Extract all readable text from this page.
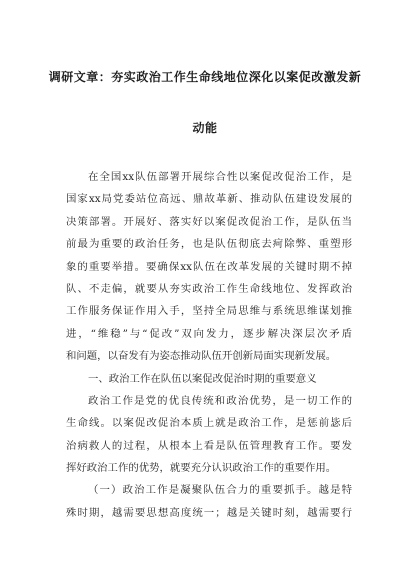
调研文章：夯实政治工作生命线地位深化以案促改激发新
动能
在全国xx队伍部署开展综合性以案促改促治工作，是
国家xx局党委站位高远、鼎故革新、推动队伍建设发展的
决策部署。开展好、落实好以案促改促治工作，是队伍当
前最为重要的政治任务，也是队伍彻底去疴除弊、重塑形
象的重要举措。要确保xx队伍在改革发展的关键时期不掉
队、不走偏，就要从夯实政治工作生命线地位、发挥政治
工作服务保证作用入手，坚持全局思维与系统思维谋划推
进，“维稳”与“促改”双向发力，逐步解决深层次矛盾
和问题，以奋发有为姿态推动队伍开创新局面实现新发展。
一、政治工作在队伍以案促改促治时期的重要意义
政治工作是党的优良传统和政治优势，是一切工作的
生命线。以案促改促治本质上就是政治工作，是惩前毖后
治病救人的过程，从根本上看是队伍管理教育工作。要发
挥好政治工作的优势，就要充分认识政治工作的重要作用。
（一）政治工作是凝聚队伍合力的重要抓手。越是特
殊时期，越需要思想高度统一；越是关键时刻，越需要行
